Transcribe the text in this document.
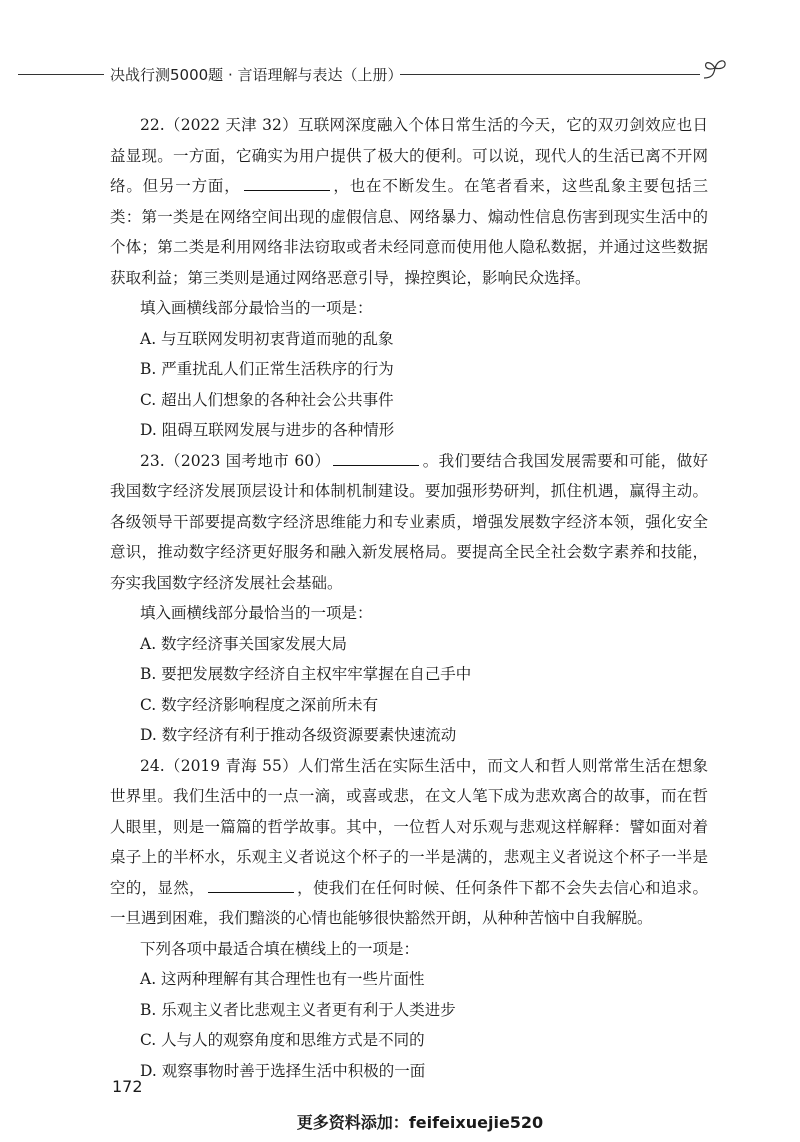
决战行测5000题 · 言语理解与表达（上册）

22.（2022 天津 32）互联网深度融入个体日常生活的今天，它的双刃剑效应也日益显现。一方面，它确实为用户提供了极大的便利。可以说，现代人的生活已离不开网络。但另一方面，	，也在不断发生。在笔者看来，这些乱象主要包括三类：第一类是在网络空间出现的虚假信息、网络暴力、煽动性信息伤害到现实生活中的个体；第二类是利用网络非法窃取或者未经同意而使用他人隐私数据，并通过这些数据获取利益；第三类则是通过网络恶意引导，操控舆论，影响民众选择。

填入画横线部分最恰当的一项是：

A. 与互联网发明初衷背道而驰的乱象

B. 严重扰乱人们正常生活秩序的行为

C. 超出人们想象的各种社会公共事件

D. 阻碍互联网发展与进步的各种情形

23.（2023 国考地市 60）	。我们要结合我国发展需要和可能，做好我国数字经济发展顶层设计和体制机制建设。要加强形势研判，抓住机遇，赢得主动。各级领导干部要提高数字经济思维能力和专业素质，增强发展数字经济本领，强化安全意识，推动数字经济更好服务和融入新发展格局。要提高全民全社会数字素养和技能，夯实我国数字经济发展社会基础。

填入画横线部分最恰当的一项是：

A. 数字经济事关国家发展大局

B. 要把发展数字经济自主权牢牢掌握在自己手中

C. 数字经济影响程度之深前所未有

D. 数字经济有利于推动各级资源要素快速流动

24.（2019 青海 55）人们常生活在实际生活中，而文人和哲人则常常生活在想象世界里。我们生活中的一点一滴，或喜或悲，在文人笔下成为悲欢离合的故事，而在哲人眼里，则是一篇篇的哲学故事。其中，一位哲人对乐观与悲观这样解释：譬如面对着桌子上的半杯水，乐观主义者说这个杯子的一半是满的，悲观主义者说这个杯子一半是空的，显然，	，使我们在任何时候、任何条件下都不会失去信心和追求。一旦遇到困难，我们黯淡的心情也能够很快豁然开朗，从种种苦恼中自我解脱。

下列各项中最适合填在横线上的一项是：

A. 这两种理解有其合理性也有一些片面性

B. 乐观主义者比悲观主义者更有利于人类进步

C. 人与人的观察角度和思维方式是不同的

D. 观察事物时善于选择生活中积极的一面

172
更多资料添加：feifeixuejie520
